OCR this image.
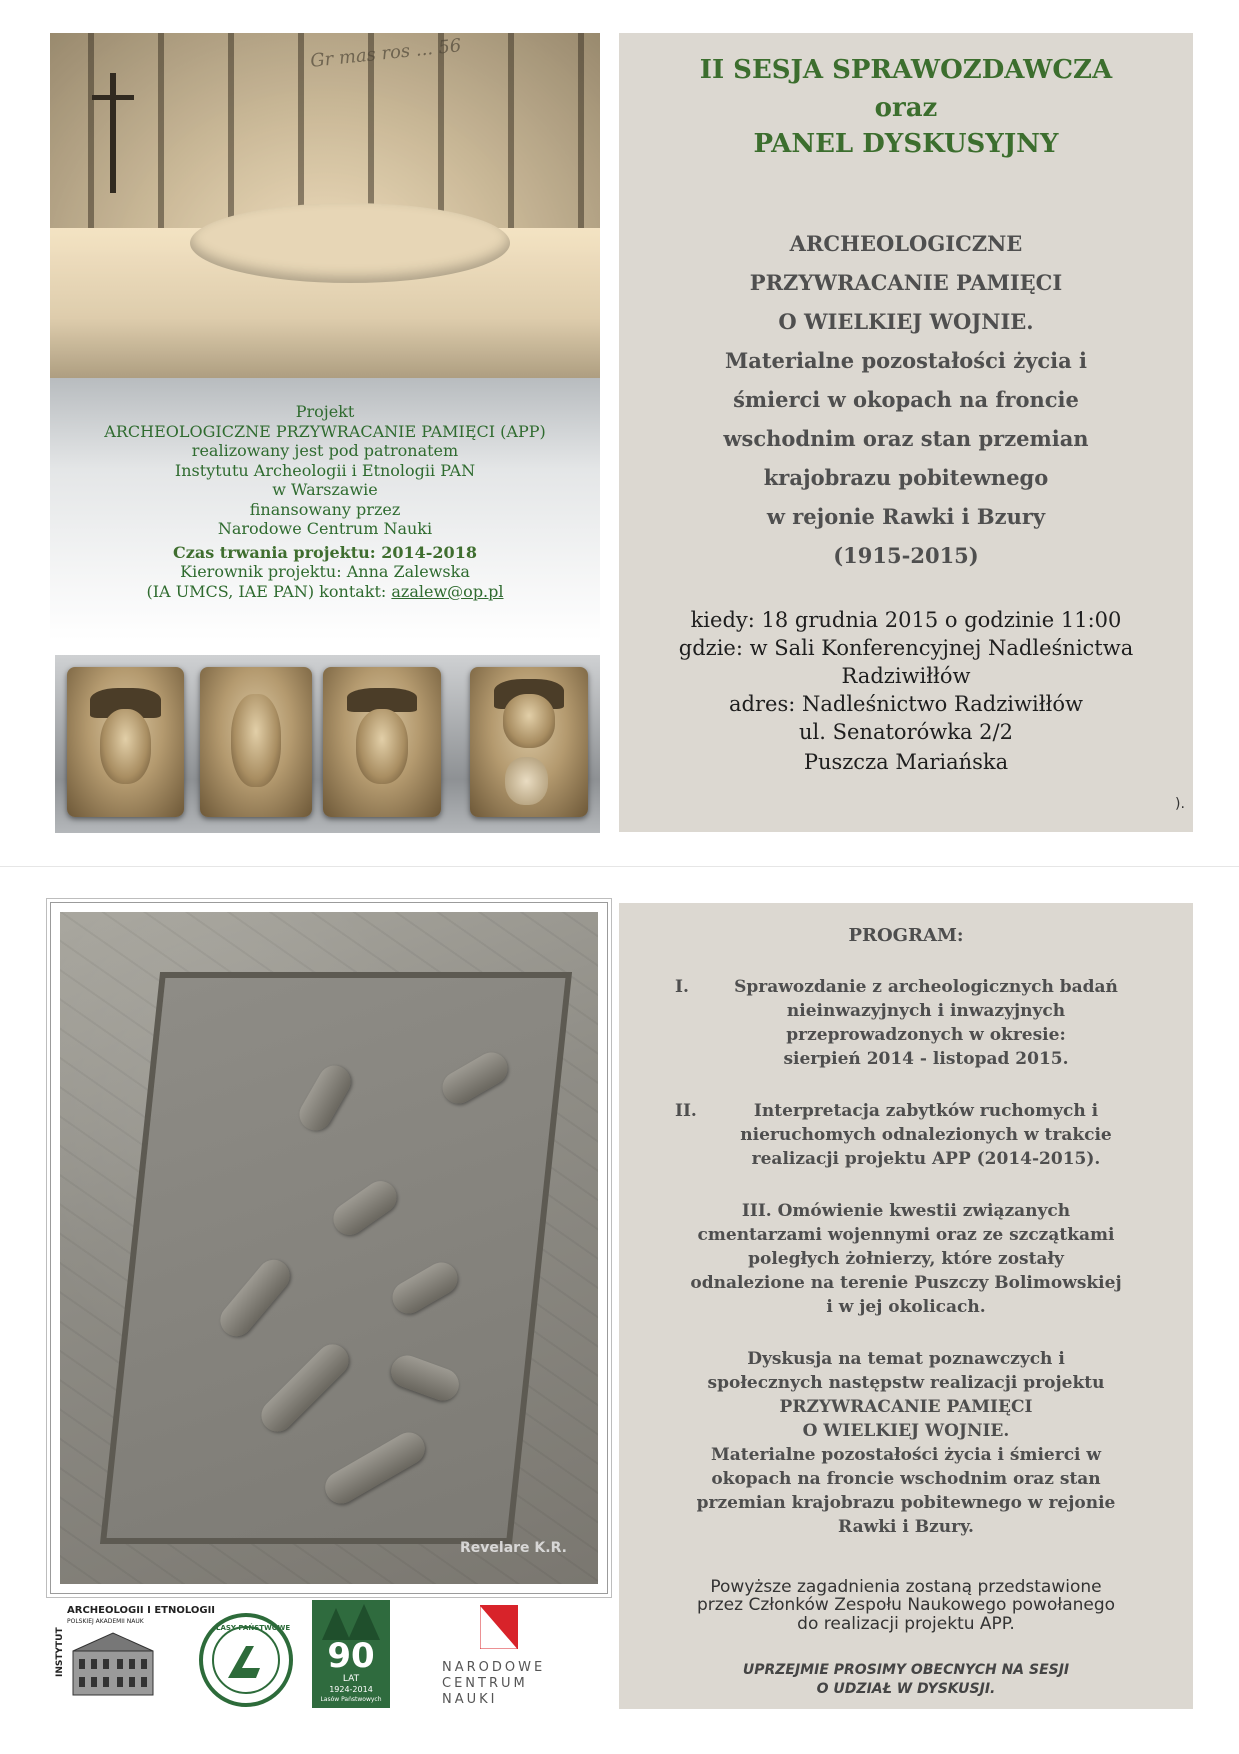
Gr mas ros ... 56
Projekt
ARCHEOLOGICZNE PRZYWRACANIE PAMIĘCI (APP)
realizowany jest pod patronatem
Instytutu Archeologii i Etnologii PAN
w Warszawie
finansowany przez
Narodowe Centrum Nauki
Czas trwania projektu: 2014-2018
Kierownik projektu: Anna Zalewska
(IA UMCS, IAE PAN) kontakt: azalew@op.pl
II SESJA SPRAWOZDAWCZA
oraz
PANEL DYSKUSYJNY
ARCHEOLOGICZNE
PRZYWRACANIE PAMIĘCI
O WIELKIEJ WOJNIE.
Materialne pozostałości życia i
śmierci w okopach na froncie
wschodnim oraz stan przemian
krajobrazu pobitewnego
w rejonie Rawki i Bzury
(1915-2015)
kiedy: 18 grudnia 2015 o godzinie 11:00
gdzie: w Sali Konferencyjnej Nadleśnictwa
Radziwiłłów
adres: Nadleśnictwo Radziwiłłów
ul. Senatorówka 2/2
Puszcza Mariańska
).
Revelare K.R.
INSTYTUT
ARCHEOLOGII I ETNOLOGII
POLSKIEJ AKADEMII NAUK
LASY PAŃSTWOWE
90
LAT
1924-2014
Lasów Państwowych
NARODOWE
CENTRUM
NAUKI
PROGRAM:
I.	Sprawozdanie z archeologicznych badań
nieinwazyjnych i inwazyjnych
przeprowadzonych w okresie:
sierpień 2014 - listopad 2015.
II.	Interpretacja zabytków ruchomych i
nieruchomych odnalezionych w trakcie
realizacji projektu APP (2014-2015).
III. Omówienie kwestii związanych
cmentarzami wojennymi oraz ze szczątkami
poległych żołnierzy, które zostały
odnalezione na terenie Puszczy Bolimowskiej
i w jej okolicach.
Dyskusja na temat poznawczych i
społecznych następstw realizacji projektu
PRZYWRACANIE PAMIĘCI
O WIELKIEJ WOJNIE.
Materialne pozostałości życia i śmierci w
okopach na froncie wschodnim oraz stan
przemian krajobrazu pobitewnego w rejonie
Rawki i Bzury.
Powyższe zagadnienia zostaną przedstawione
przez Członków Zespołu Naukowego powołanego
do realizacji projektu APP.
UPRZEJMIE PROSIMY OBECNYCH NA SESJI
O UDZIAŁ W DYSKUSJI.
